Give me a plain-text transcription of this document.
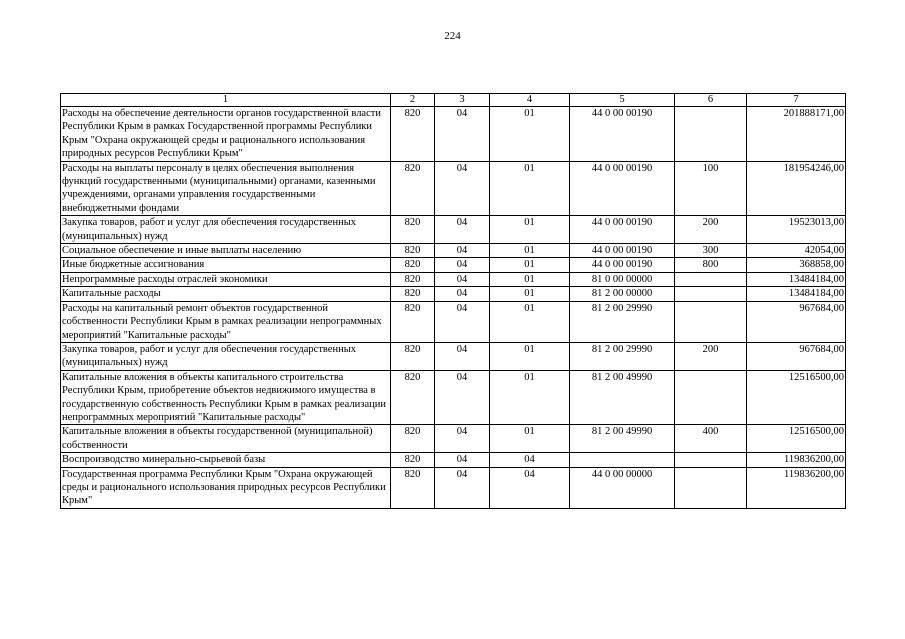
224
1	2	3	4	5	6	7
Расходы на обеспечение деятельности органов государственной власти Республики Крым в рамках Государственной программы Республики Крым "Охрана окружающей среды и рационального использования природных ресурсов Республики Крым"	820	04	01	44 0 00 00190		201888171,00
Расходы на выплаты персоналу в целях обеспечения выполнения функций государственными (муниципальными) органами, казенными учреждениями, органами управления государственными внебюджетными фондами	820	04	01	44 0 00 00190	100	181954246,00
Закупка товаров, работ и услуг для обеспечения государственных (муниципальных) нужд	820	04	01	44 0 00 00190	200	19523013,00
Социальное обеспечение и иные выплаты населению	820	04	01	44 0 00 00190	300	42054,00
Иные бюджетные ассигнования	820	04	01	44 0 00 00190	800	368858,00
Непрограммные расходы отраслей экономики	820	04	01	81 0 00 00000		13484184,00
Капитальные расходы	820	04	01	81 2 00 00000		13484184,00
Расходы на капитальный ремонт объектов государственной собственности Республики Крым в рамках реализации непрограммных мероприятий "Капитальные расходы"	820	04	01	81 2 00 29990		967684,00
Закупка товаров, работ и услуг для обеспечения государственных (муниципальных) нужд	820	04	01	81 2 00 29990	200	967684,00
Капитальные вложения в объекты капитального строительства Республики Крым, приобретение объектов недвижимого имущества в государственную собственность Республики Крым в рамках реализации непрограммных мероприятий "Капитальные расходы"	820	04	01	81 2 00 49990		12516500,00
Капитальные вложения в объекты государственной (муниципальной) собственности	820	04	01	81 2 00 49990	400	12516500,00
Воспроизводство минерально-сырьевой базы	820	04	04			119836200,00
Государственная программа Республики Крым "Охрана окружающей среды и рационального использования природных ресурсов Республики Крым"	820	04	04	44 0 00 00000		119836200,00
